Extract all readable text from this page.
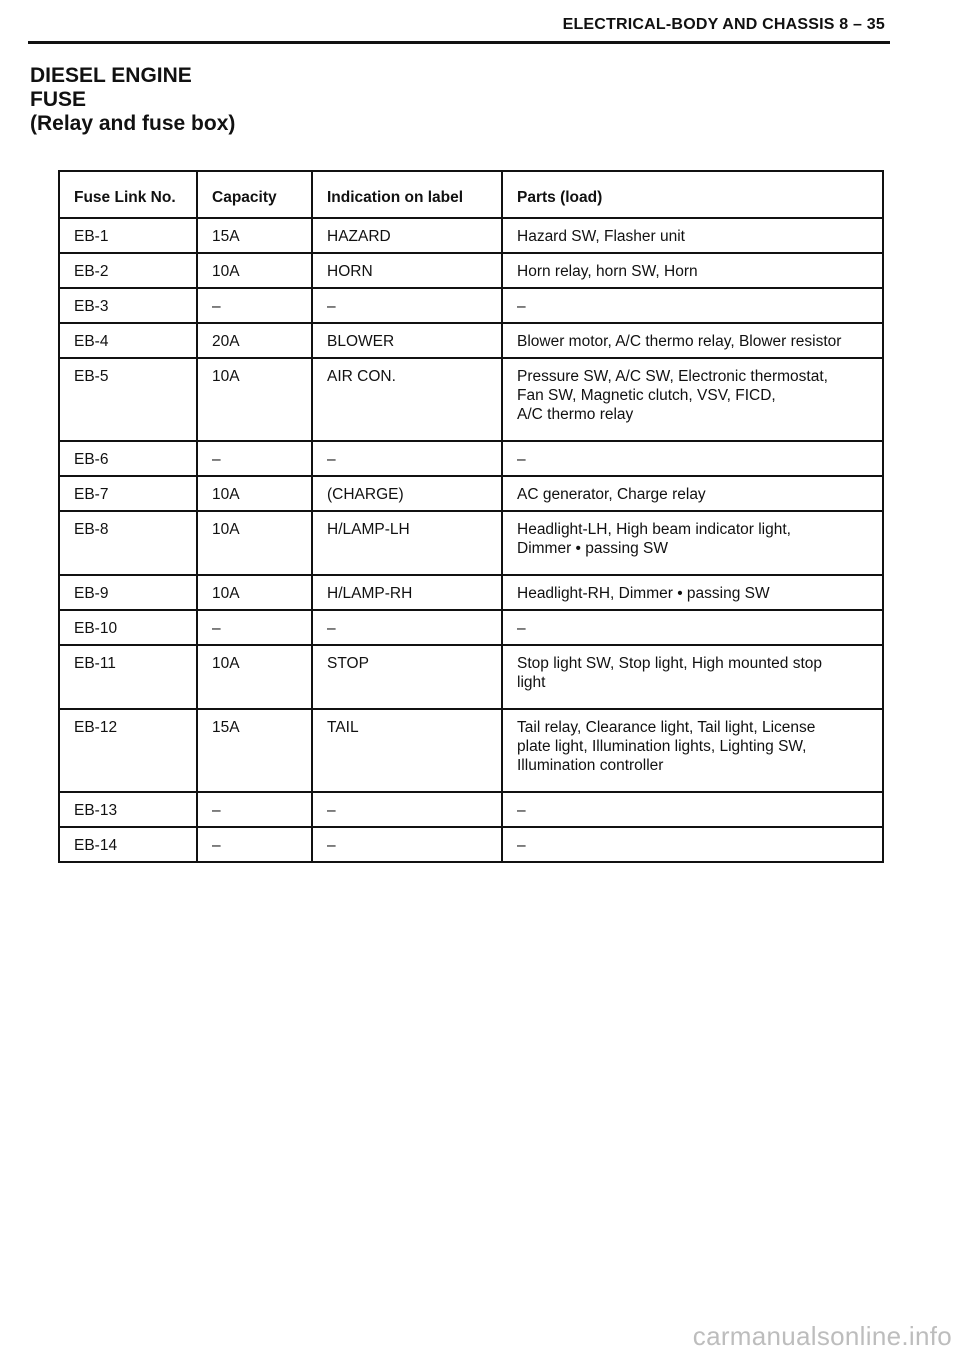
ELECTRICAL-BODY AND CHASSIS 8 – 35
DIESEL ENGINE
FUSE
(Relay and fuse box)
Fuse Link No.	Capacity	Indication on label	Parts (load)
EB-1	15A	HAZARD	Hazard SW, Flasher unit

EB-2	10A	HORN	Horn relay, horn SW, Horn

EB-3	–	–	–

EB-4	20A	BLOWER	Blower motor, A/C thermo relay, Blower resistor

EB-5	10A	AIR CON.	Pressure SW, A/C SW, Electronic thermostat,
Fan SW, Magnetic clutch, VSV, FICD,
A/C thermo relay

EB-6	–	–	–

EB-7	10A	(CHARGE)	AC generator, Charge relay

EB-8	10A	H/LAMP-LH	Headlight-LH, High beam indicator light,
Dimmer • passing SW

EB-9	10A	H/LAMP-RH	Headlight-RH, Dimmer • passing SW

EB-10	–	–	–

EB-11	10A	STOP	Stop light SW, Stop light, High mounted stop
light

EB-12	15A	TAIL	Tail relay, Clearance light, Tail light, License
plate light, Illumination lights, Lighting SW,
Illumination controller

EB-13	–	–	–

EB-14	–	–	–
carmanualsonline.info
